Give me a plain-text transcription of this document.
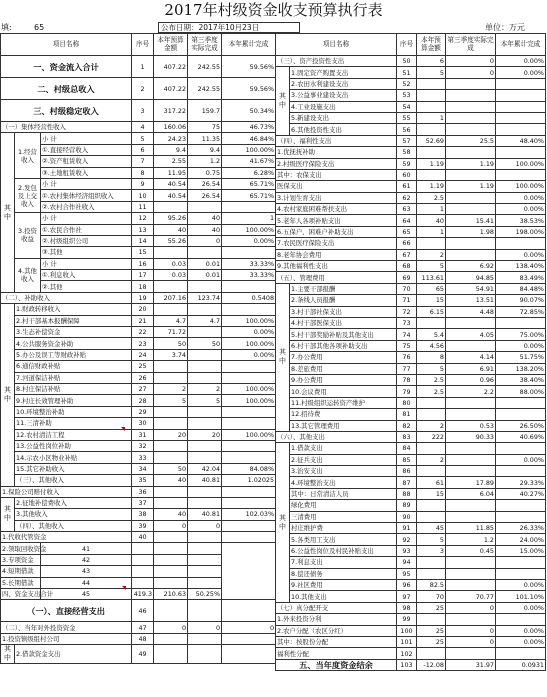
2017年村级资金收支预算执行表
填:	65	公布日期：2017年10月23日	单位：万元
项目名称			序号	本年预算金额	第三季度实际完成	本年累计完成
一、资金流入合计			1	407.22	242.55	59.56%
二、村级总收入			2	407.22	242.55	59.56%
三、村级稳定收入			3	317.22	159.7	50.34%
（一）集体经营性收入			4	160.06	75	46.73%
其中	1.经营收入	小 计	5	24.23	11.35	46.84%
		①.直接经营收入	6	9.4	9.4	100.00%
		②.资产租赁收入	7	2.55	1.2	41.67%
		③.土地租赁收入	8	11.95	0.75	6.28%
	2.发包及上交收入	小 计	9	40.54	26.54	65.71%
		①.农村集体经济组织收入	10	40.54	26.54	65.71%
		②.农村合作社收入	11			
	3.投资收益	小 计	12	95.26	40	1
		①.农民合作社	13	40	40	100.00%
		②.村级组织公司	14	55.26	0	0.00%
		③.其他	15			
	4.其他收入	小 计	16	0.03	0.01	33.33%
		①.利息收入	17	0.03	0.01	33.33%
		②.其他	18			
（二）、补助收入			19	207.16	123.74	0.5408
其中	1.财政转移收入		20			
	2.村干部基本报酬保障		21	4.7	4.7	100.00%
	3.生态补偿资金		22	71.72		0.00%
	4.公共服务资金补助		23	50	50	100.00%
	5.办公及误工等财政补贴		24	3.74		0.00%
	6.通信财政补贴		25			
	7.河道保洁补贴		26			
	8.村庄保洁补贴		27	2	2	100.00%
	9.村庄长效管理补助		28	5	5	100.00%
	10.环境整治补助		29			
	11.三清补助		30			
	12.农村清洁工程		31	20	20	100.00%
	13.公益性岗位补助		32			
	14.示农小区物业补贴		33			
	15.其它补助收入		34	50	42.04	84.08%
	（三）、其他收入		35	40	40.81	1.02025
1.保险公司赔付收入			36			
其中	2.征地补偿费收入		37			
	3.其他收入		38	40	40.81	102.03%
	（四）、其他收入		39	0	0	
1.代收代管资金			40			
2.领取回收资金		41				
3.专项资金		42				
4.短期借款		43				
5.长期借款		44				
四、资金支出合计		45	419.3	210.63	50.25%	
（一）、直接经营支出			46			
（二）、当年对外投资资金			47	0	0	0
1.投资镇级组村公司			48			
其中	2.借款资金支出		49			
项目名称		序号	本年预算金额	第三季度实际完成	本年累计完成
（三）、资产投资性支出		50	6	0	0.00%
其中	1.固定资产购置支出	51	5	0	0.00%
	2.农田水利建设支出	52			
	3.公益事业建设支出	53			
	4.工业设施支出	54			
	5.新建设支出	55	1		
	6.其他投资性支出	56			
（四）、福利性支出		57	52.69	25.5	48.40%
1.优抚抚补助		58			
2.村级医疗保险支出		59	1.19	1.19	100.00%
其中：农保支出		60			
医保支出		61	1.19	1.19	100.00%
3.计划生育支出		62	2.5		0.00%
4.农村家庭困难帮扶支出		63	1		0.00%
5.老年人各项补贴支出		64	40	15.41	38.53%
6.五保户、困难户补助支出		65	1	1.98	198.00%
7.农民医疗保险支出		66			
8.老年协会费用		67	2		0.00%
9.其他福利性支出		68	5	6.92	138.40%
（五）、管理费用		69	113.61	94.85	83.49%
其中	1.主要干部报酬	70	65	54.91	84.48%
	2.条线人员报酬	71	15	13.51	90.07%
	3.村干部社保支出	72	6.15	4.48	72.85%
	4.村干部医保支出	73			
	5.村干部奖励补贴及其他支出	74	5.4	4.05	75.00%
	6.村干部其他各项补助支出	75	4.56		0.00%
	7.办公费用	76	8	4.14	51.75%
	8.差旅费用	77	5	6.91	138.20%
	9.办公费用	78	2.5	0.96	38.40%
	10.会议费用	79	2.5	2.2	88.00%
	11.村级组织运转资产维护	80			
	12.招待费	81			
	13.其它管理费用	82	2	0.53	26.50%
（六）、其他支出		83	222	90.33	40.69%
其中	1.借款支出	84			
	2.征兵支出	85	2		0.00%
	3.治安支出	86			
	4.环境整治支出	87	61	17.89	29.33%
	其中：日常清洁人员	88	15	6.04	40.27%
	绿化费用	89			
	三清费用	90			
	村庄维护费	91	45	11.85	26.33%
	5.各类用工支出	92	5	1.2	24.00%
	6.公益性岗位及村民补贴支出	93	3	0.45	15.00%
	7.利息支出	94			
	8.偿还债务	95			
	9.社区费用	96	82.5		0.00%
	10.其他支出	97	70	70.77	101.10%
（七）真分配开支		98	25	0	0.00%
1.外来投资分利		99			
2.农户分配（农区分红）		100	25	0	0.00%
其中：按股份分配		101	25	0	0.00%
福利性分配		102			
五、当年度资金结余		103	-12.08	31.97	0.0931
